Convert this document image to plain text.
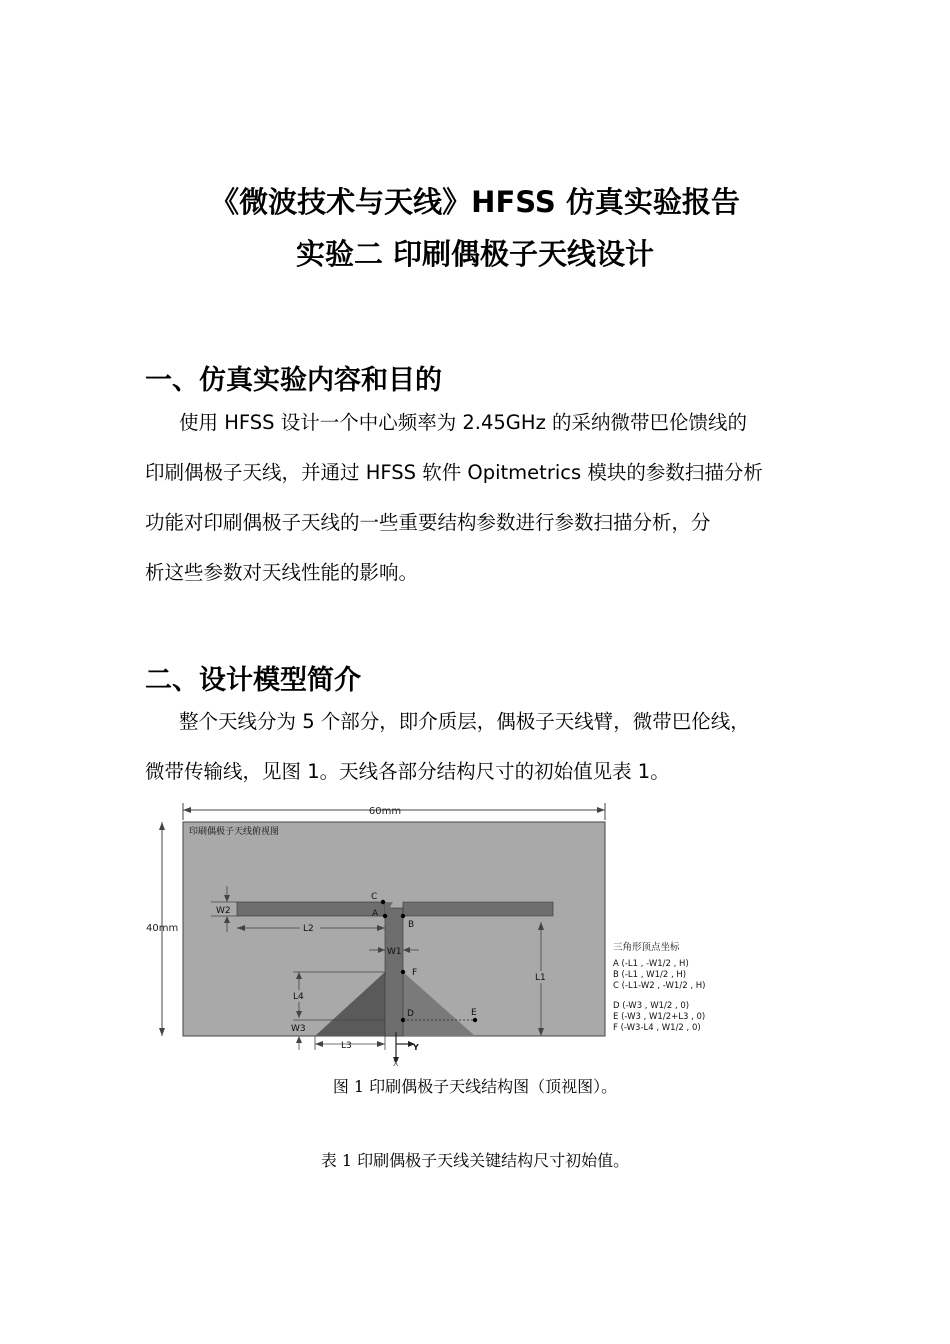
《微波技术与天线》HFSS 仿真实验报告
实验二 印刷偶极子天线设计
一、仿真实验内容和目的

使用 HFSS 设计一个中心频率为 2.45GHz 的采纳微带巴伦馈线的

印刷偶极子天线，并通过 HFSS 软件 Opitmetrics 模块的参数扫描分析

功能对印刷偶极子天线的一些重要结构参数进行参数扫描分析，分

析这些参数对天线性能的影响。

二、设计模型简介

整个天线分为 5 个部分，即介质层，偶极子天线臂，微带巴伦线，

微带传输线，见图 1。天线各部分结构尺寸的初始值见表 1。

60mm
40mm
印刷偶极子天线俯视图
C
A
B
F
D	E
W2
L2
W1
L1
L4
W3
L3
X
Y
三角形顶点坐标
A (-L1 , -W1/2 , H)
B (-L1 , W1/2 , H)
C (-L1-W2 , -W1/2 , H)
D (-W3 , W1/2 , 0)
E (-W3 , W1/2+L3 , 0)
F (-W3-L4 , W1/2 , 0)
图 1 印刷偶极子天线结构图（顶视图）。
表 1 印刷偶极子天线关键结构尺寸初始值。
